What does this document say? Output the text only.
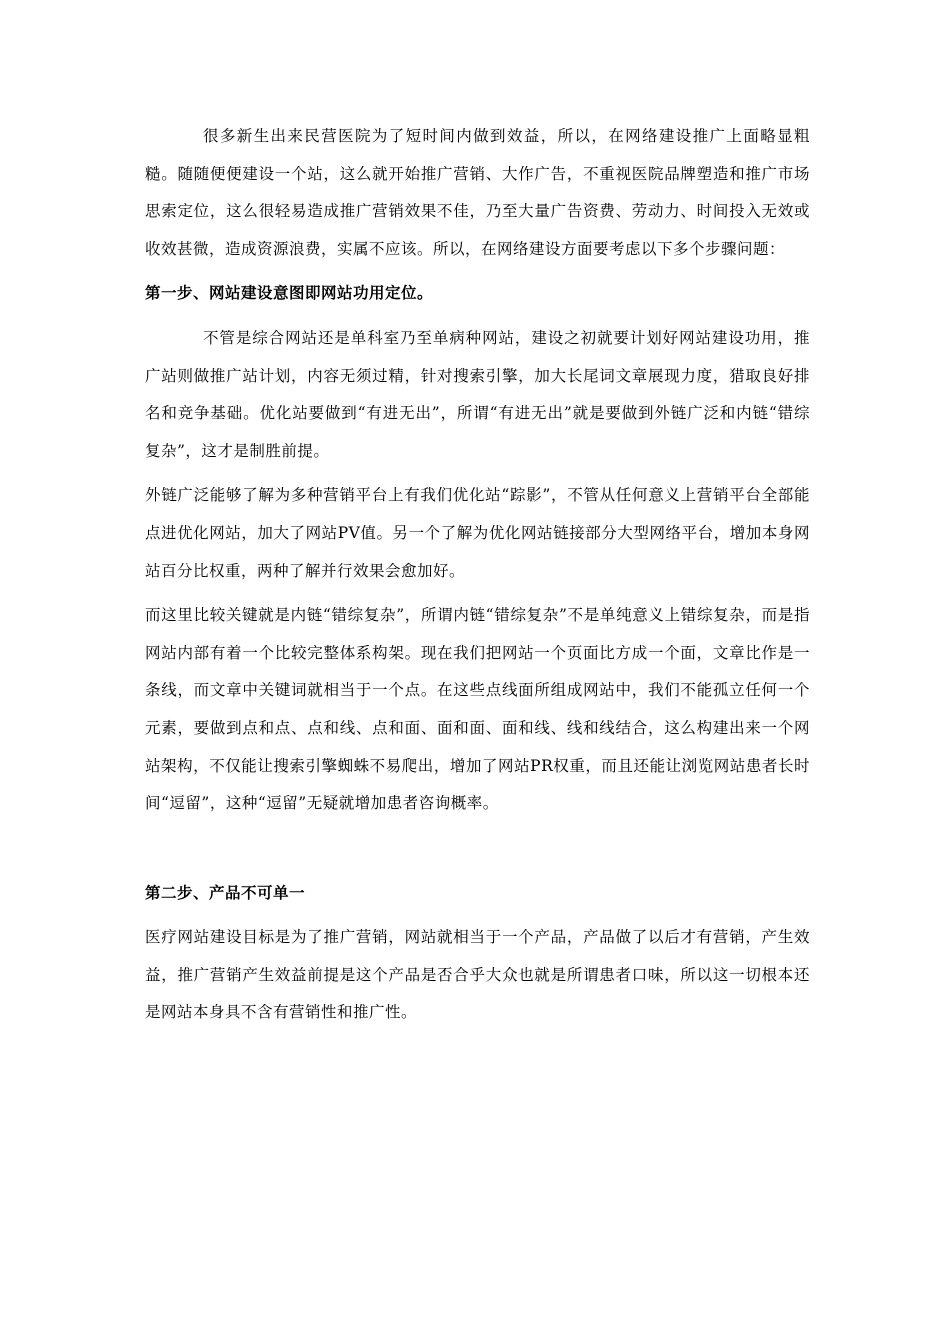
很多新生出来民营医院为了短时间内做到效益，所以，在网络建设推广上面略显粗糙。随随便便建设一个站，这么就开始推广营销、大作广告，不重视医院品牌塑造和推广市场思索定位，这么很轻易造成推广营销效果不佳，乃至大量广告资费、劳动力、时间投入无效或收效甚微，造成资源浪费，实属不应该。所以，在网络建设方面要考虑以下多个步骤问题：

第一步、网站建设意图即网站功用定位。

不管是综合网站还是单科室乃至单病种网站，建设之初就要计划好网站建设功用，推广站则做推广站计划，内容无须过精，针对搜索引擎，加大长尾词文章展现力度，猎取良好排名和竞争基础。优化站要做到“有进无出”，所谓“有进无出”就是要做到外链广泛和内链“错综复杂”，这才是制胜前提。

外链广泛能够了解为多种营销平台上有我们优化站“踪影”，不管从任何意义上营销平台全部能点进优化网站，加大了网站PV值。另一个了解为优化网站链接部分大型网络平台，增加本身网站百分比权重，两种了解并行效果会愈加好。

而这里比较关键就是内链“错综复杂”，所谓内链“错综复杂”不是单纯意义上错综复杂，而是指网站内部有着一个比较完整体系构架。现在我们把网站一个页面比方成一个面，文章比作是一条线，而文章中关键词就相当于一个点。在这些点线面所组成网站中，我们不能孤立任何一个元素，要做到点和点、点和线、点和面、面和面、面和线、线和线结合，这么构建出来一个网站架构，不仅能让搜索引擎蜘蛛不易爬出，增加了网站PR权重，而且还能让浏览网站患者长时间“逗留”，这种“逗留”无疑就增加患者咨询概率。

第二步、产品不可单一

医疗网站建设目标是为了推广营销，网站就相当于一个产品，产品做了以后才有营销，产生效益，推广营销产生效益前提是这个产品是否合乎大众也就是所谓患者口味，所以这一切根本还是网站本身具不含有营销性和推广性。
